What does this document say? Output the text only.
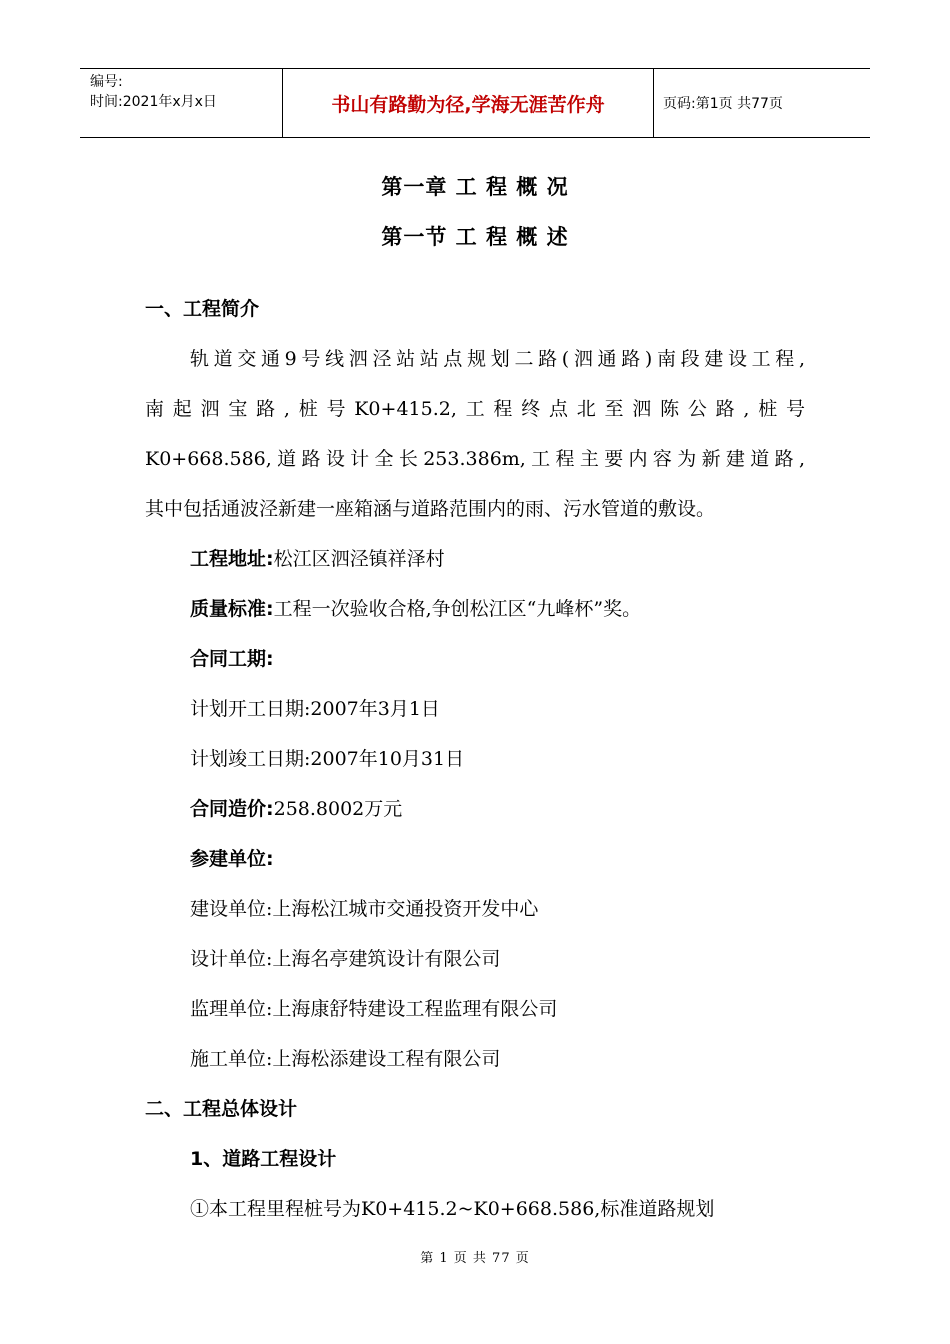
编号:
时间:2021年x月x日	书山有路勤为径,学海无涯苦作舟	页码:第1页 共77页
第一章 工 程 概 况
第一节 工 程 概 述
一、工程简介
轨道交通9号线泗泾站站点规划二路(泗通路)南段建设工程,
南起泗宝路,桩号K0+415.2,工程终点北至泗陈公路,桩号
K0+668.586,道路设计全长253.386m,工程主要内容为新建道路,
其中包括通波泾新建一座箱涵与道路范围内的雨、污水管道的敷设。
工程地址:松江区泗泾镇祥泽村
质量标准:工程一次验收合格,争创松江区“九峰杯”奖。
合同工期:
计划开工日期:2007年3月1日
计划竣工日期:2007年10月31日
合同造价:258.8002万元
参建单位:
建设单位:上海松江城市交通投资开发中心
设计单位:上海名亭建筑设计有限公司
监理单位:上海康舒特建设工程监理有限公司
施工单位:上海松添建设工程有限公司
二、工程总体设计
1、道路工程设计
①本工程里程桩号为K0+415.2~K0+668.586,标准道路规划
第 1 页 共 77 页
